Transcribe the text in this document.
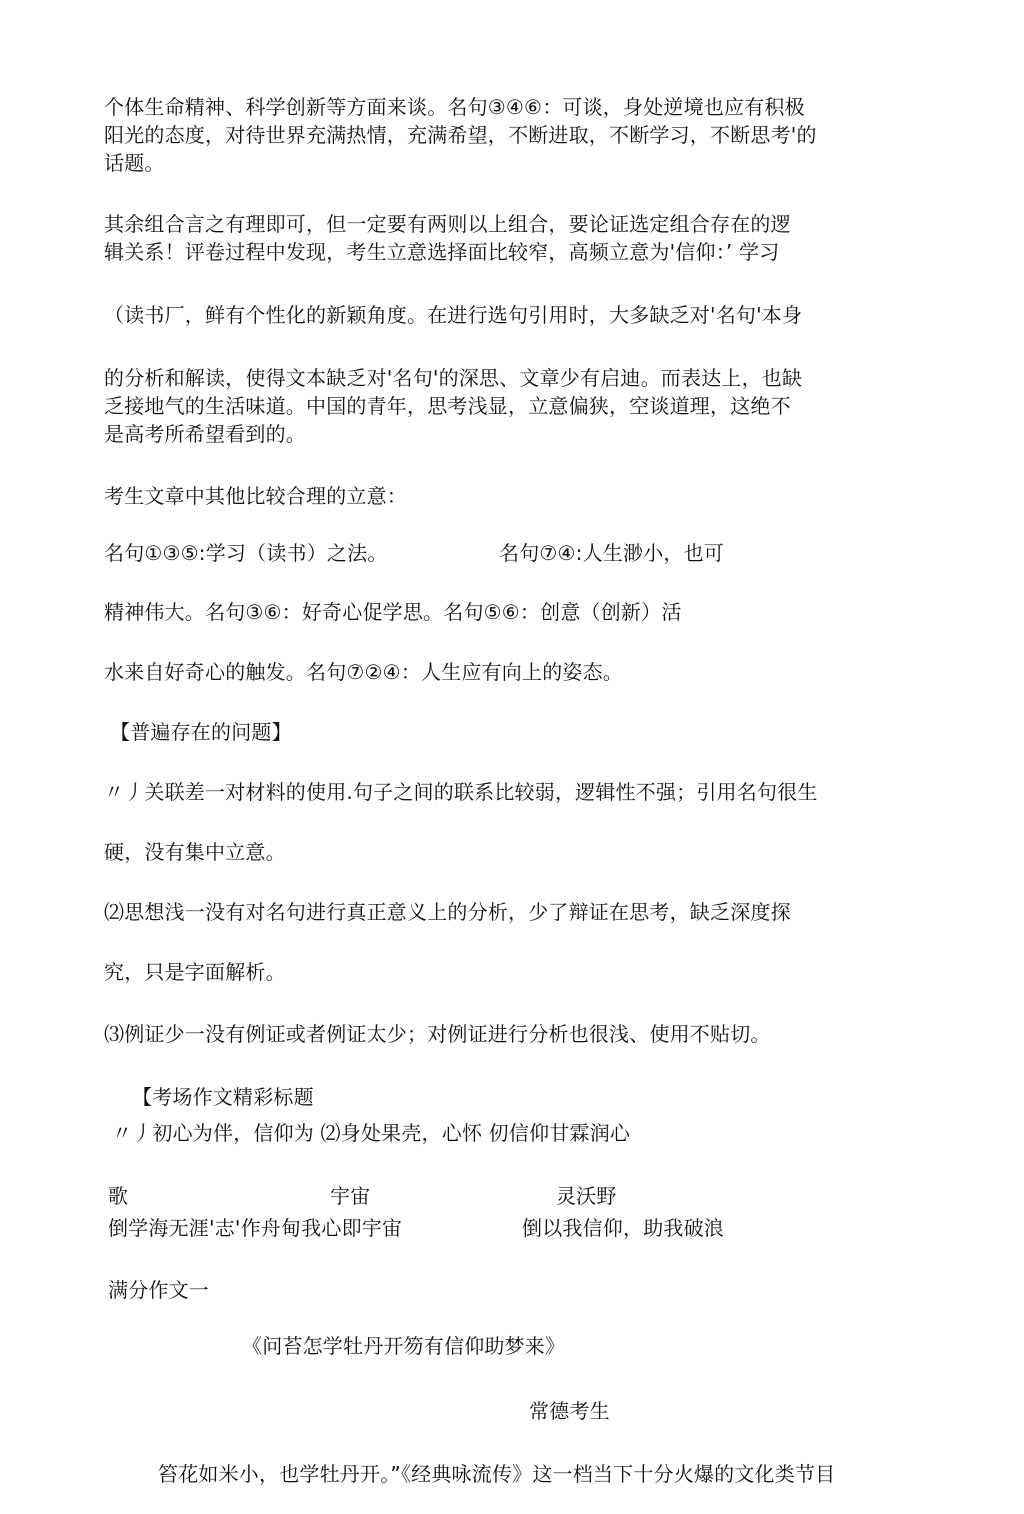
个体生命精神、科学创新等方面来谈。名句③④⑥：可谈，身处逆境也应有积极
阳光的态度，对待世界充满热情，充满希望，不断进取，不断学习，不断思考'的
话题。
其余组合言之有理即可，但一定要有两则以上组合，要论证选定组合存在的逻
辑关系！评卷过程中发现，考生立意选择面比较窄，高频立意为'信仰：’ 学习
（读书厂，鲜有个性化的新颖角度。在进行选句引用时，大多缺乏对'名句'本身
的分析和解读，使得文本缺乏对'名句'的深思、文章少有启迪。而表达上，也缺
乏接地气的生活味道。中国的青年，思考浅显，立意偏狭，空谈道理，这绝不
是高考所希望看到的。
考生文章中其他比较合理的立意：
名句①③⑤:学习（读书）之法。	名句⑦④:人生渺小，也可
精神伟大。名句③⑥：好奇心促学思。名句⑤⑥：创意（创新）活
水来自好奇心的触发。名句⑦②④：人生应有向上的姿态。
【普遍存在的问题】
〃丿关联差一对材料的使用.句子之间的联系比较弱，逻辑性不强；引用名句很生
硬，没有集中立意。
⑵思想浅一没有对名句进行真正意义上的分析，少了辩证在思考，缺乏深度探
究，只是字面解析。
⑶例证少一没有例证或者例证太少；对例证进行分析也很浅、使用不贴切。
【考场作文精彩标题
〃丿初心为伴，信仰为 ⑵身处果壳，心怀 仞信仰甘霖润心
歌	宇宙	灵沃野
倒学海无涯'志'作舟甸我心即宇宙	倒以我信仰，助我破浪
满分作文一
《问苔怎学牡丹开笏有信仰助梦来》
常德考生
笞花如米小，也学牡丹开。”《经典咏流传》这一档当下十分火爆的文化类节目
